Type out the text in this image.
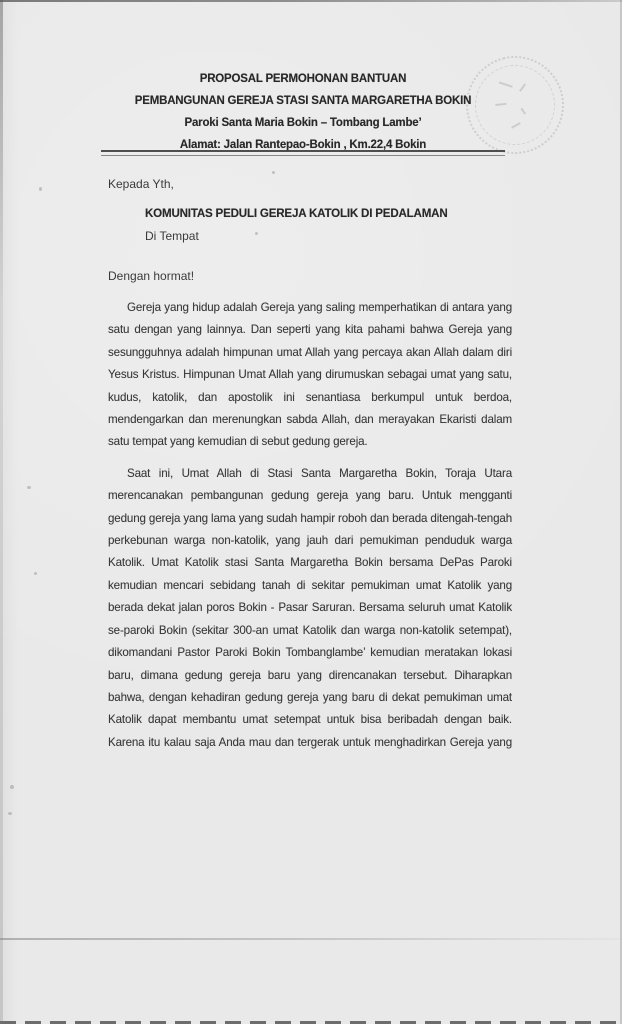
PROPOSAL PERMOHONAN BANTUAN
PEMBANGUNAN GEREJA STASI SANTA MARGARETHA BOKIN
Paroki Santa Maria Bokin – Tombang Lambe’
Alamat: Jalan Rantepao-Bokin , Km.22,4 Bokin
Kepada Yth,
KOMUNITAS PEDULI GEREJA KATOLIK DI PEDALAMAN
Di Tempat
Dengan hormat!

Gereja yang hidup adalah Gereja yang saling memperhatikan di antara yang
satu dengan yang lainnya. Dan seperti yang kita pahami bahwa Gereja yang
sesungguhnya adalah himpunan umat Allah yang percaya akan Allah dalam diri
Yesus Kristus. Himpunan Umat Allah yang dirumuskan sebagai umat yang satu,
kudus, katolik, dan apostolik ini senantiasa berkumpul untuk berdoa,
mendengarkan dan merenungkan sabda Allah, dan merayakan Ekaristi dalam
satu tempat yang kemudian di sebut gedung gereja.

Saat ini, Umat Allah di Stasi Santa Margaretha Bokin, Toraja Utara
merencanakan pembangunan gedung gereja yang baru. Untuk mengganti
gedung gereja yang lama yang sudah hampir roboh dan berada ditengah-tengah
perkebunan warga non-katolik, yang jauh dari pemukiman penduduk warga
Katolik. Umat Katolik stasi Santa Margaretha Bokin bersama DePas Paroki
kemudian mencari sebidang tanah di sekitar pemukiman umat Katolik yang
berada dekat jalan poros Bokin - Pasar Saruran. Bersama seluruh umat Katolik
se-paroki Bokin (sekitar 300-an umat Katolik dan warga non-katolik setempat),
dikomandani Pastor Paroki Bokin Tombanglambe’ kemudian meratakan lokasi
baru, dimana gedung gereja baru yang direncanakan tersebut. Diharapkan
bahwa, dengan kehadiran gedung gereja yang baru di dekat pemukiman umat
Katolik dapat membantu umat setempat untuk bisa beribadah dengan baik.
Karena itu kalau saja Anda mau dan tergerak untuk menghadirkan Gereja yang
